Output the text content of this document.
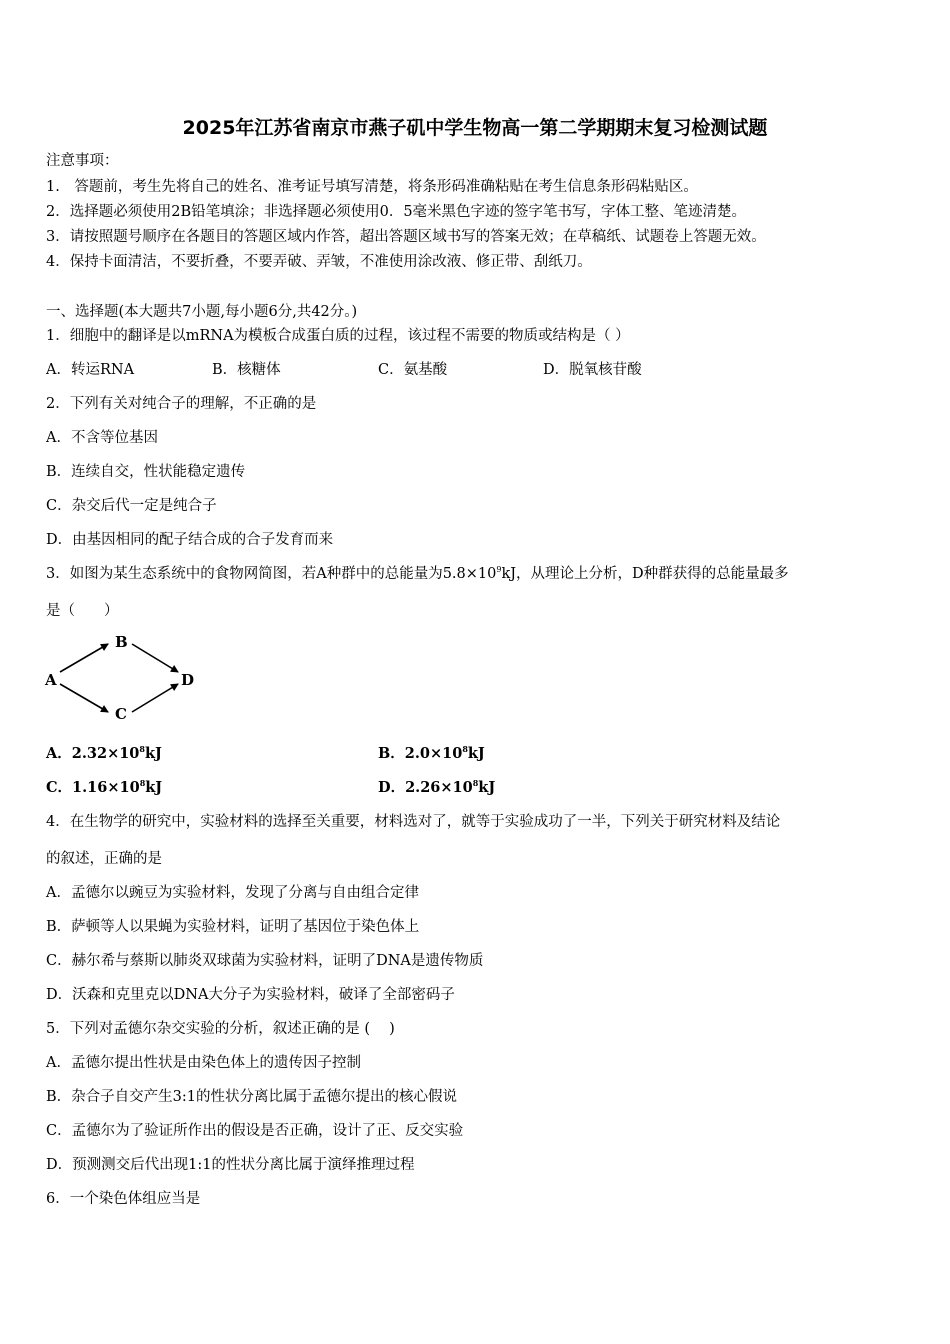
2025年江苏省南京市燕子矶中学生物高一第二学期期末复习检测试题
注意事项：
1.　答题前，考生先将自己的姓名、准考证号填写清楚，将条形码准确粘贴在考生信息条形码粘贴区。
2．选择题必须使用2B铅笔填涂；非选择题必须使用0．5毫米黑色字迹的签字笔书写，字体工整、笔迹清楚。
3．请按照题号顺序在各题目的答题区域内作答，超出答题区域书写的答案无效；在草稿纸、试题卷上答题无效。
4．保持卡面清洁，不要折叠，不要弄破、弄皱，不准使用涂改液、修正带、刮纸刀。
一、选择题(本大题共7小题,每小题6分,共42分。)
1．细胞中的翻译是以mRNA为模板合成蛋白质的过程，该过程不需要的物质或结构是（ ）
A．转运RNA	B．核糖体	C．氨基酸	D．脱氧核苷酸
2．下列有关对纯合子的理解，不正确的是
A．不含等位基因
B．连续自交，性状能稳定遗传
C．杂交后代一定是纯合子
D．由基因相同的配子结合成的合子发育而来
3．如图为某生态系统中的食物网简图，若A种群中的总能量为$5.8\times 10^9kJ$，从理论上分析，D种群获得的总能量最多
是（　　）
A
B
C
D
A．$2.32\times 10^8kJ$	B．$2.0\times 10^8kJ$
C．$1.16\times 10^8kJ$	D．$2.26\times 10^8kJ$
4．在生物学的研究中，实验材料的选择至关重要，材料选对了，就等于实验成功了一半，下列关于研究材料及结论
的叙述，正确的是
A．孟德尔以豌豆为实验材料，发现了分离与自由组合定律
B．萨顿等人以果蝇为实验材料，证明了基因位于染色体上
C．赫尔希与蔡斯以肺炎双球菌为实验材料，证明了DNA是遗传物质
D．沃森和克里克以DNA大分子为实验材料，破译了全部密码子
5．下列对孟德尔杂交实验的分析，叙述正确的是 ( 　)
A．孟德尔提出性状是由染色体上的遗传因子控制
B．杂合子自交产生3:1的性状分离比属于孟德尔提出的核心假说
C．孟德尔为了验证所作出的假设是否正确，设计了正、反交实验
D．预测测交后代出现1:1的性状分离比属于演绎推理过程
6．一个染色体组应当是
